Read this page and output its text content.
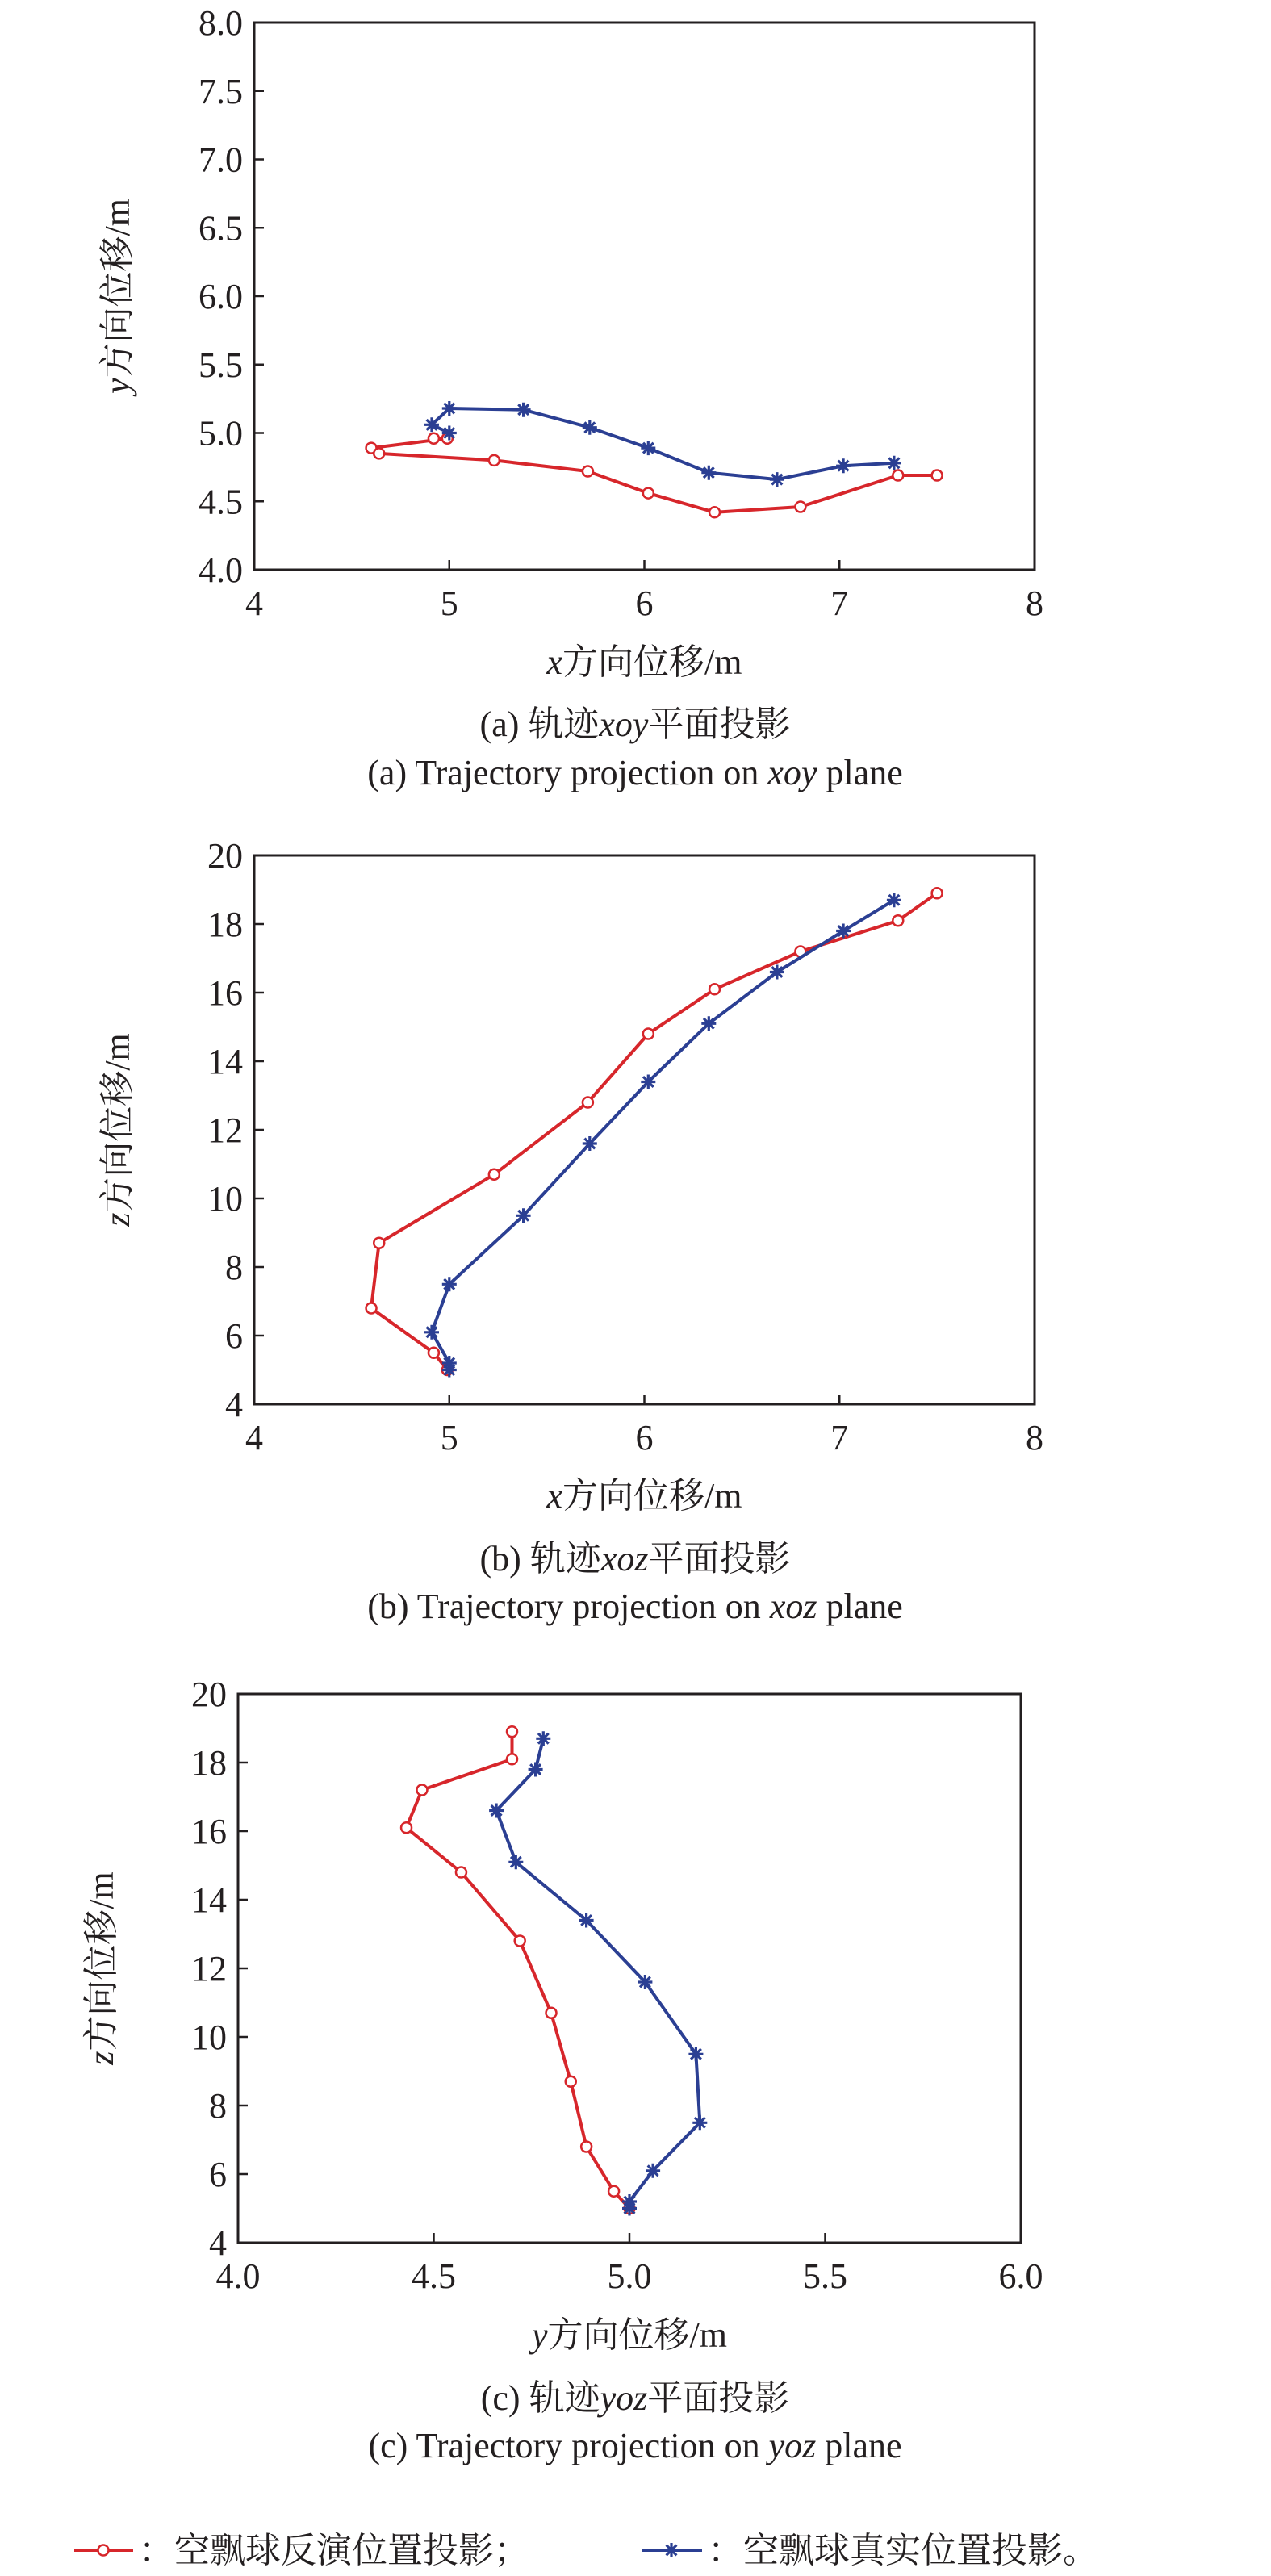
4	5	6	7	8
4.0
4.5
5.0
5.5
6.0
6.5
7.0
7.5
8.0
x方向位移/m
y方向位移/m
(a) 轨迹xoy平面投影
(a) Trajectory projection on xoy plane
4	5	6	7	8
4
6
8
10
12
14
16
18
20
x方向位移/m
z方向位移/m
(b) 轨迹xoz平面投影
(b) Trajectory projection on xoz plane
4.0	4.5	5.0	5.5	6.0
4
6
8
10
12
14
16
18
20
y方向位移/m
z方向位移/m
(c) 轨迹yoz平面投影
(c) Trajectory projection on yoz plane
：空飘球反演位置投影；	：空飘球真实位置投影。
